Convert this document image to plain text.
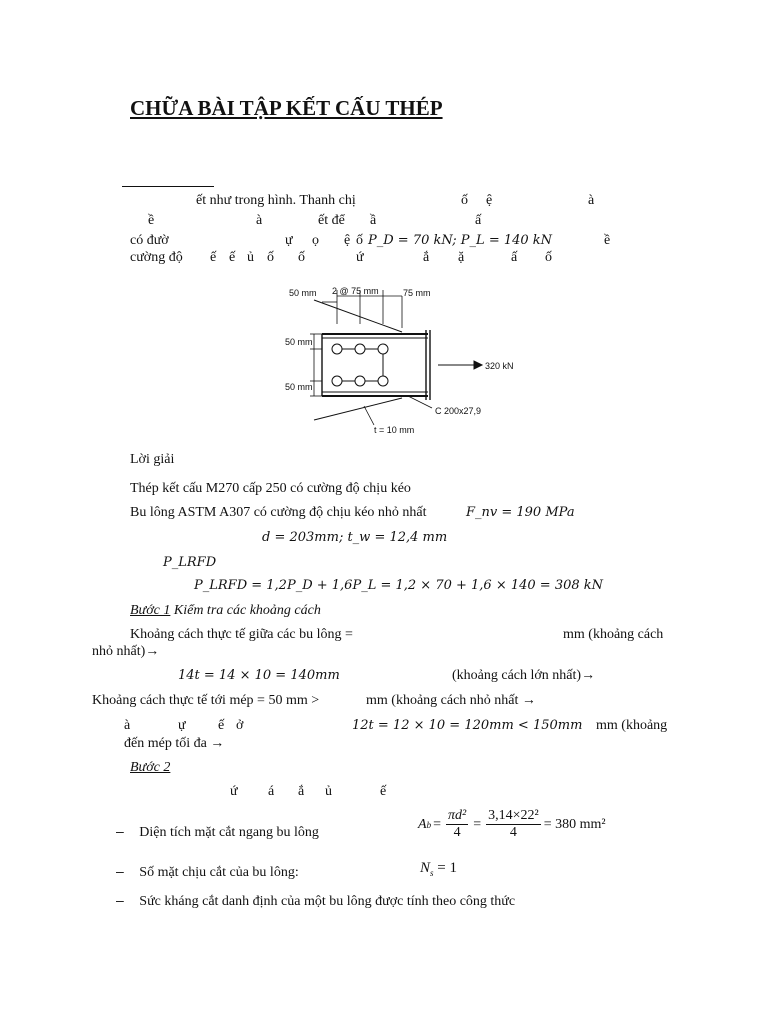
CHỮA BÀI TẬP KẾT CẤU THÉP
ết như trong hình. Thanh chị	ố ệ	à
ề	à	ết để ầ	ấ
có đườ	ự ọ ệ ố P_D = 70 kN; P_L = 140 kN	ề
cường độ ế ế ủ ố ố	ứ	ắ ặ	ấ ố
50 mm 2 @ 75 mm	75 mm
50 mm
50 mm
320 kN
C 200x27,9
t = 10 mm
Lời giải
Thép kết cấu M270 cấp 250 có cường độ chịu kéo
Bu lông ASTM A307 có cường độ chịu kéo nhỏ nhất	F_nv = 190 MPa
d = 203mm; t_w = 12,4 mm
P_LRFD
P_LRFD = 1,2P_D + 1,6P_L = 1,2 × 70 + 1,6 × 140 = 308 kN
Bước 1 Kiểm tra các khoảng cách
Khoảng cách thực tế giữa các bu lông =	mm (khoảng cách
nhỏ nhất)→
14t = 14 × 10 = 140mm	(khoảng cách lớn nhất)→
Khoảng cách thực tế tới mép = 50 mm >	mm (khoảng cách nhỏ nhất →
à	ự ế ở	12t = 12 × 10 = 120mm < 150mm mm (khoảng
đến mép tối đa →
Bước 2
ứ á ắ ủ	ế
– Diện tích mặt cắt ngang bu lông
A $b = \frac{\text{πd²}}{4} = \frac{\text{3,14×22²}}{4} = 380$ mm²
– Số mặt chịu cắt của bu lông:	$N_s = 1$
– Sức kháng cắt danh định của một bu lông được tính theo công thức
